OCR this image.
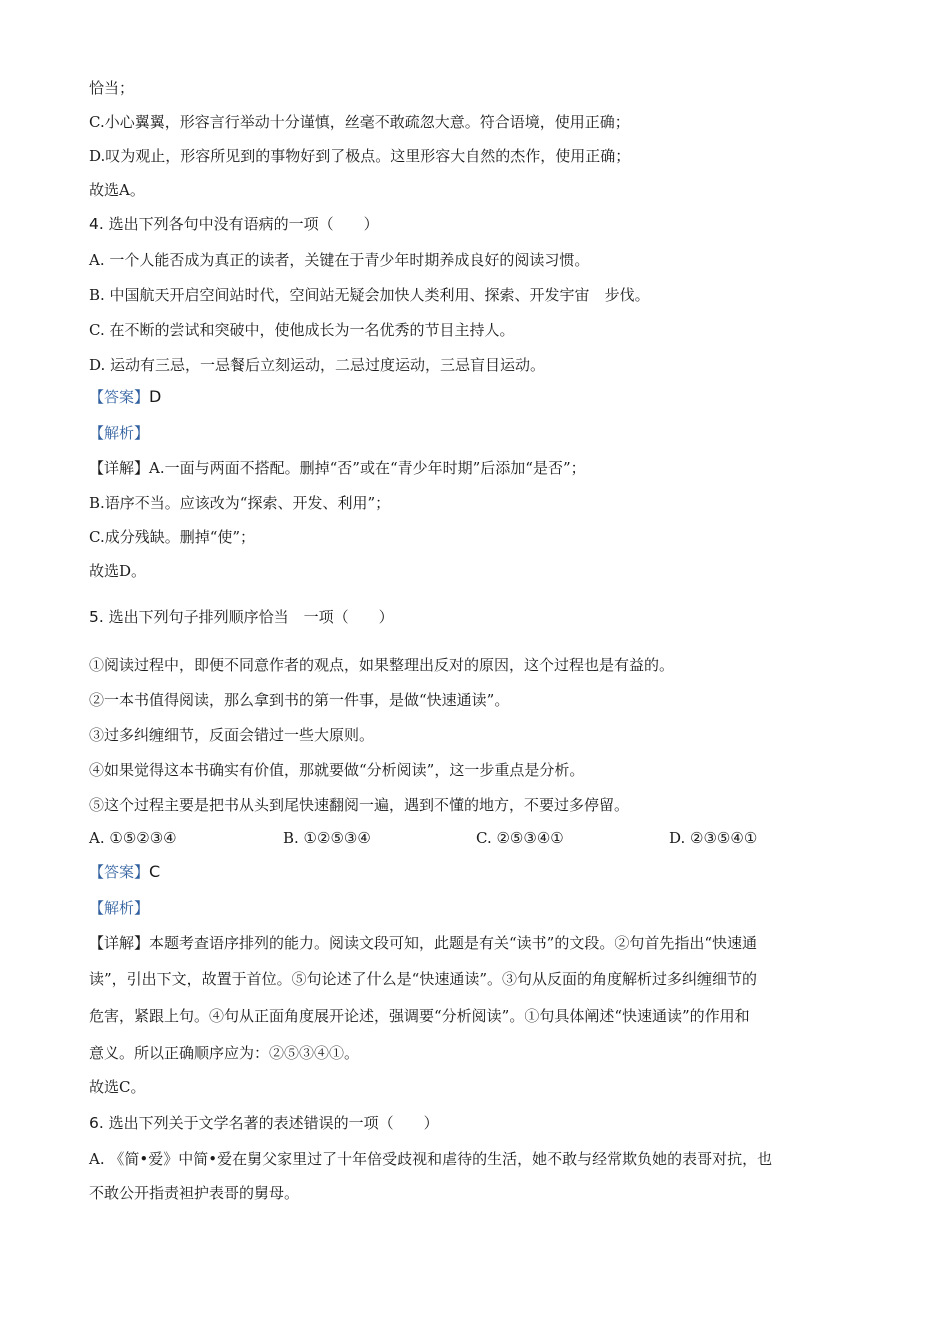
恰当；
C.小心翼翼，形容言行举动十分谨慎，丝毫不敢疏忽大意。符合语境，使用正确；
D.叹为观止，形容所见到的事物好到了极点。这里形容大自然的杰作，使用正确；
故选A。
4. 选出下列各句中没有语病的一项（　　）
A. 一个人能否成为真正的读者，关键在于青少年时期养成良好的阅读习惯。
B. 中国航天开启空间站时代，空间站无疑会加快人类利用、探索、开发宇宙　步伐。
C. 在不断的尝试和突破中，使他成长为一名优秀的节目主持人。
D. 运动有三忌，一忌餐后立刻运动，二忌过度运动，三忌盲目运动。
【答案】D
【解析】
【详解】A.一面与两面不搭配。删掉“否”或在“青少年时期”后添加“是否”；
B.语序不当。应该改为“探索、开发、利用”；
C.成分残缺。删掉“使”；
故选D。
5. 选出下列句子排列顺序恰当　一项（　　）
①阅读过程中，即便不同意作者的观点，如果整理出反对的原因，这个过程也是有益的。
②一本书值得阅读，那么拿到书的第一件事，是做“快速通读”。
③过多纠缠细节，反面会错过一些大原则。
④如果觉得这本书确实有价值，那就要做“分析阅读”，这一步重点是分析。
⑤这个过程主要是把书从头到尾快速翻阅一遍，遇到不懂的地方，不要过多停留。
A. ①⑤②③④	B. ①②⑤③④	C. ②⑤③④①	D. ②③⑤④①
【答案】C
【解析】
【详解】本题考查语序排列的能力。阅读文段可知，此题是有关“读书”的文段。②句首先指出“快速通
读”，引出下文，故置于首位。⑤句论述了什么是“快速通读”。③句从反面的角度解析过多纠缠细节的
危害，紧跟上句。④句从正面角度展开论述，强调要“分析阅读”。①句具体阐述“快速通读”的作用和
意义。所以正确顺序应为：②⑤③④①。
故选C。
6. 选出下列关于文学名著的表述错误的一项（　　）
A. 《简•爱》中简•爱在舅父家里过了十年倍受歧视和虐待的生活，她不敢与经常欺负她的表哥对抗，也
不敢公开指责袒护表哥的舅母。
